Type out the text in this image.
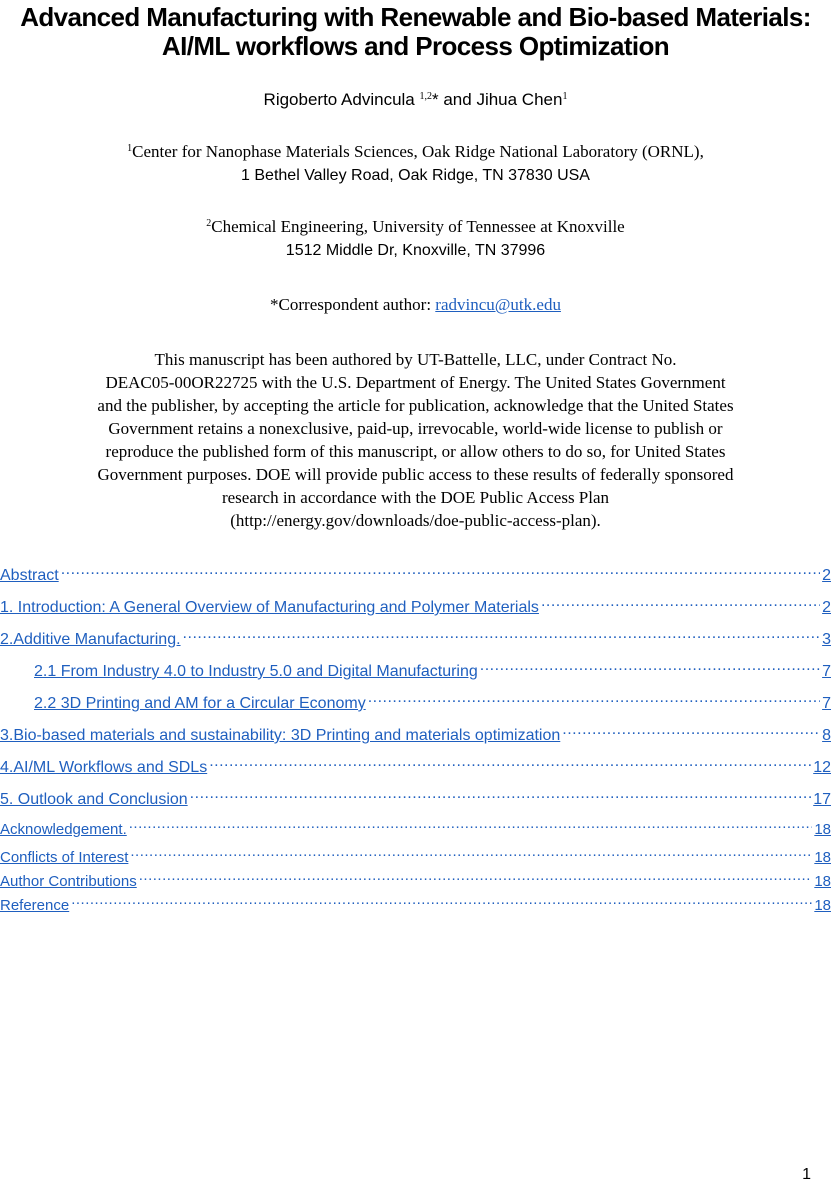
Advanced Manufacturing with Renewable and Bio-based Materials:
AI/ML workflows and Process Optimization
Rigoberto Advincula $^{1,2}$* and Jihua Chen$^1$
$^1$Center for Nanophase Materials Sciences, Oak Ridge National Laboratory (ORNL),
1 Bethel Valley Road, Oak Ridge, TN 37830 USA
$^2$Chemical Engineering, University of Tennessee at Knoxville
1512 Middle Dr, Knoxville, TN 37996
*Correspondent author: radvincu@utk.edu
This manuscript has been authored by UT-Battelle, LLC, under Contract No.
DEAC05-00OR22725 with the U.S. Department of Energy. The United States Government
and the publisher, by accepting the article for publication, acknowledge that the United States
Government retains a nonexclusive, paid-up, irrevocable, world-wide license to publish or
reproduce the published form of this manuscript, or allow others to do so, for United States
Government purposes. DOE will provide public access to these results of federally sponsored
research in accordance with the DOE Public Access Plan
(http://energy.gov/downloads/doe-public-access-plan).
Abstract .....	2
1. Introduction: A General Overview of Manufacturing and Polymer Materials .....	2
2.Additive Manufacturing. .....	3
2.1 From Industry 4.0 to Industry 5.0 and Digital Manufacturing .....	7
2.2 3D Printing and AM for a Circular Economy .....	7
3.Bio-based materials and sustainability: 3D Printing and materials optimization .....	8
4.AI/ML Workflows and SDLs .....	12
5. Outlook and Conclusion .....	17
Acknowledgement. .....	18
Conflicts of Interest .....	18
Author Contributions .....	18
Reference .....	18
1
